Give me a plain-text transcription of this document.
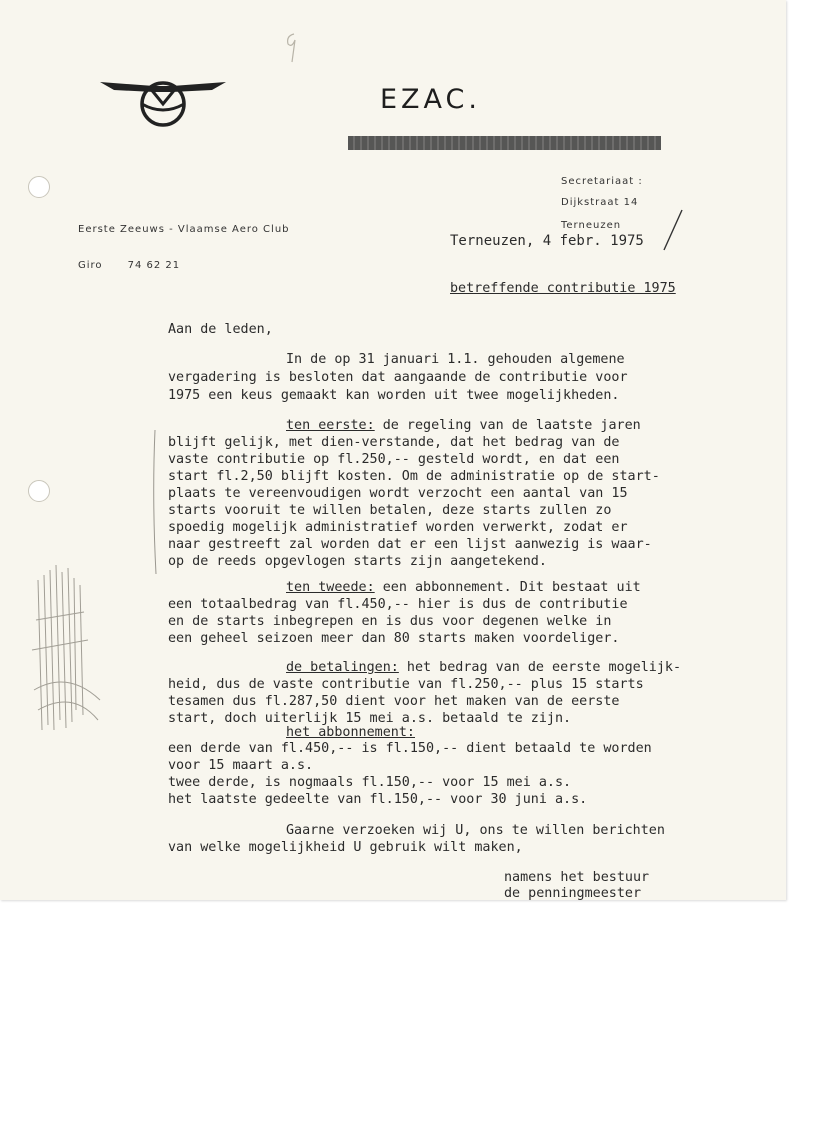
EZAC.
Secretariaat :
Dijkstraat 14
Terneuzen
Eerste Zeeuws - Vlaamse Aero Club
Giro      74 62 21
Terneuzen, 4 febr. 1975
betreffende contributie 1975
Aan de leden,
In de op 31 januari 1.1. gehouden algemene
vergadering is besloten dat aangaande de contributie voor
1975 een keus gemaakt kan worden uit twee mogelijkheden.
ten eerste: de regeling van de laatste jaren
blijft gelijk, met dien-verstande, dat het bedrag van de
vaste contributie op fl.250,-- gesteld wordt, en dat een
start fl.2,50 blijft kosten. Om de administratie op de start-
plaats te vereenvoudigen wordt verzocht een aantal van 15
starts vooruit te willen betalen, deze starts zullen zo
spoedig mogelijk administratief worden verwerkt, zodat er
naar gestreeft zal worden dat er een lijst aanwezig is waar-
op de reeds opgevlogen starts zijn aangetekend.
ten tweede: een abbonnement. Dit bestaat uit
een totaalbedrag van fl.450,-- hier is dus de contributie
en de starts inbegrepen en is dus voor degenen welke in
een geheel seizoen meer dan 80 starts maken voordeliger.
de betalingen: het bedrag van de eerste mogelijk-
heid, dus de vaste contributie van fl.250,-- plus 15 starts
tesamen dus fl.287,50 dient voor het maken van de eerste
start, doch uiterlijk 15 mei a.s. betaald te zijn.
het abbonnement:
een derde van fl.450,-- is fl.150,-- dient betaald te worden
voor 15 maart a.s.
twee derde, is nogmaals fl.150,-- voor 15 mei a.s.
het laatste gedeelte van fl.150,-- voor 30 juni a.s.
Gaarne verzoeken wij U, ons te willen berichten
van welke mogelijkheid U gebruik wilt maken,
namens het bestuur
de penningmeester
